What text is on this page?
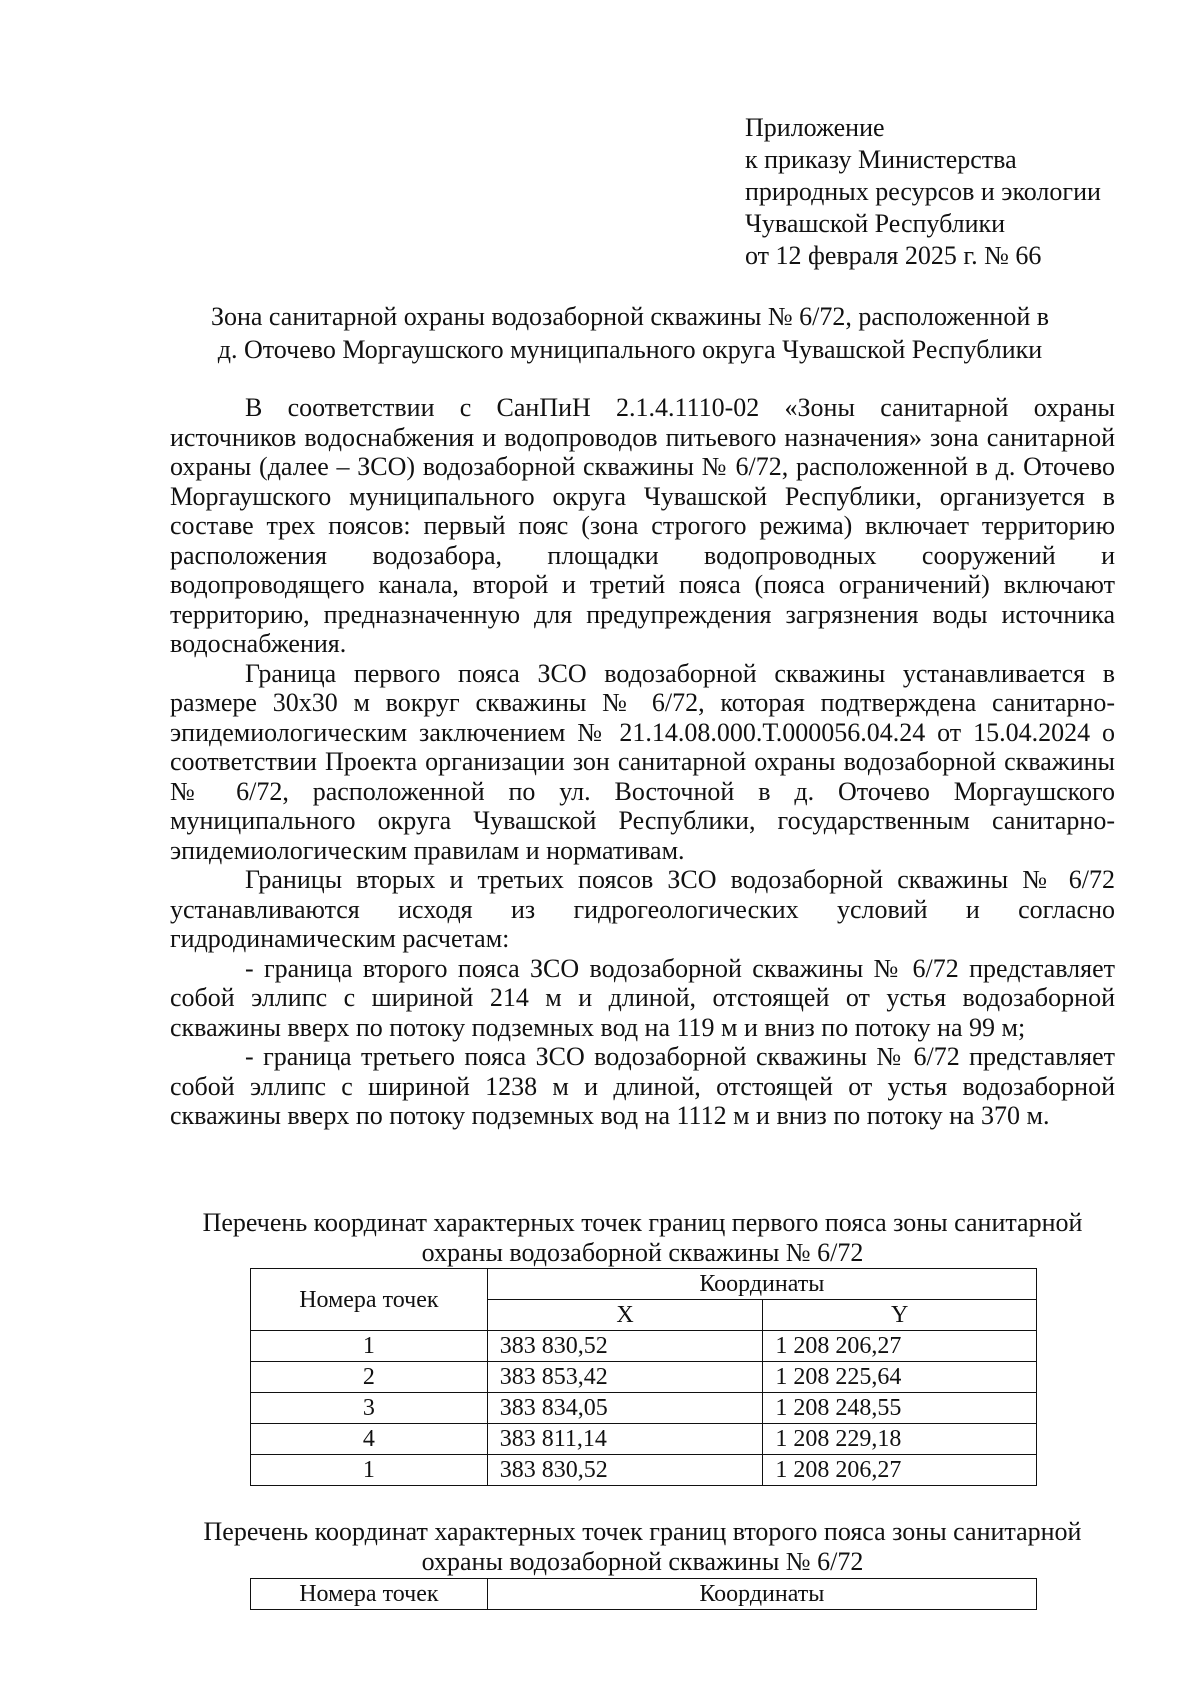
Приложение
к приказу Министерства
природных ресурсов и экологии
Чувашской Республики
от 12 февраля 2025 г. № 66
Зона санитарной охраны водозаборной скважины № 6/72, расположенной в
д. Оточево Моргаушского муниципального округа Чувашской Республики

В соответствии с СанПиН 2.1.4.1110-02 «Зоны санитарной охраны источников водоснабжения и водопроводов питьевого назначения» зона санитарной охраны (далее – ЗСО) водозаборной скважины № 6/72, расположенной в д. Оточево Моргаушского муниципального округа Чувашской Республики, организуется в составе трех поясов: первый пояс (зона строгого режима) включает территорию расположения водозабора, площадки водопроводных сооружений и водопроводящего канала, второй и третий пояса (пояса ограничений) включают территорию, предназначенную для предупреждения загрязнения воды источника водоснабжения.

Граница первого пояса ЗСО водозаборной скважины устанавливается в размере 30х30 м вокруг скважины № 6/72, которая подтверждена санитарно-эпидемиологическим заключением № 21.14.08.000.Т.000056.04.24 от 15.04.2024 о соответствии Проекта организации зон санитарной охраны водозаборной скважины № 6/72, расположенной по ул. Восточной в д. Оточево Моргаушского муниципального округа Чувашской Республики, государственным санитарно-эпидемиологическим правилам и нормативам.

Границы вторых и третьих поясов ЗСО водозаборной скважины № 6/72 устанавливаются исходя из гидрогеологических условий и согласно гидродинамическим расчетам:

- граница второго пояса ЗСО водозаборной скважины № 6/72 представляет собой эллипс с шириной 214 м и длиной, отстоящей от устья водозаборной скважины вверх по потоку подземных вод на 119 м и вниз по потоку на 99 м;

- граница третьего пояса ЗСО водозаборной скважины № 6/72 представляет собой эллипс с шириной 1238 м и длиной, отстоящей от устья водозаборной скважины вверх по потоку подземных вод на 1112 м и вниз по потоку на 370 м.

Перечень координат характерных точек границ первого пояса зоны санитарной
охраны водозаборной скважины № 6/72
Номера точек	Координаты	
	X	Y
1	383 830,52	1 208 206,27
2	383 853,42	1 208 225,64
3	383 834,05	1 208 248,55
4	383 811,14	1 208 229,18
1	383 830,52	1 208 206,27
Перечень координат характерных точек границ второго пояса зоны санитарной
охраны водозаборной скважины № 6/72
Номера точек	Координаты
